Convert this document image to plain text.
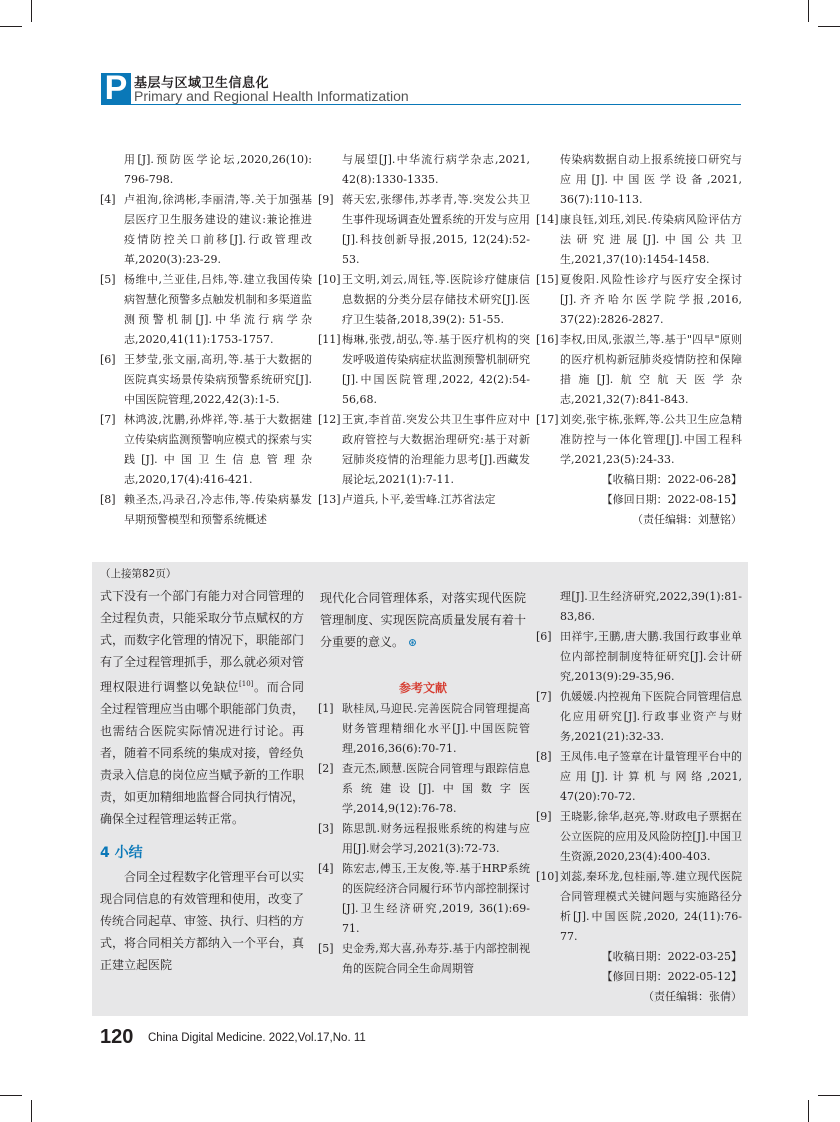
P 基层与区域卫生信息化
Primary and Regional Health Informatization
用[J].预防医学论坛,2020,26(10): 796-798.
[4] 卢祖洵,徐鸿彬,李丽清,等.关于加强基层医疗卫生服务建设的建议:兼论推进疫情防控关口前移[J].行政管理改革,2020(3):23-29.
[5] 杨维中,兰亚佳,吕炜,等.建立我国传染病智慧化预警多点触发机制和多渠道监测预警机制[J].中华流行病学杂志,2020,41(11):1753-1757.
[6] 王梦莹,张文丽,高玥,等.基于大数据的医院真实场景传染病预警系统研究[J].中国医院管理,2022,42(3):1-5.
[7] 林鸿波,沈鹏,孙烨祥,等.基于大数据建立传染病监测预警响应模式的探索与实践[J].中国卫生信息管理杂志,2020,17(4):416-421.
[8] 赖圣杰,冯录召,冷志伟,等.传染病暴发早期预警模型和预警系统概述
与展望[J].中华流行病学杂志,2021, 42(8):1330-1335.
[9] 蒋天宏,张缪伟,苏孝青,等.突发公共卫生事件现场调查处置系统的开发与应用[J].科技创新导报,2015, 12(24):52-53.
[10] 王文明,刘云,周钰,等.医院诊疗健康信息数据的分类分层存储技术研究[J].医疗卫生装备,2018,39(2): 51-55.
[11] 梅琳,张弢,胡弘,等.基于医疗机构的突发呼吸道传染病症状监测预警机制研究[J].中国医院管理,2022, 42(2):54-56,68.
[12] 王寅,李首苗.突发公共卫生事件应对中政府管控与大数据治理研究:基于对新冠肺炎疫情的治理能力思考[J].西藏发展论坛,2021(1):7-11.
[13] 卢道兵,卜平,姜雪峰.江苏省法定
传染病数据自动上报系统接口研究与应用[J].中国医学设备,2021, 36(7):110-113.
[14] 康良钰,刘珏,刘民.传染病风险评估方法研究进展[J].中国公共卫生,2021,37(10):1454-1458.
[15] 夏俊阳.风险性诊疗与医疗安全探讨[J].齐齐哈尔医学院学报,2016, 37(22):2826-2827.
[16] 李权,田凤,张淑兰,等.基于"四早"原则的医疗机构新冠肺炎疫情防控和保障措施[J].航空航天医学杂志,2021,32(7):841-843.
[17] 刘奕,张宇栋,张辉,等.公共卫生应急精准防控与一体化管理[J].中国工程科学,2021,23(5):24-33.
【收稿日期：2022-06-28】
【修回日期：2022-08-15】
（责任编辑：刘慧铭）
（上接第82页）

式下没有一个部门有能力对合同管理的全过程负责，只能采取分节点赋权的方式，而数字化管理的情况下，职能部门有了全过程管理抓手，那么就必须对管理权限进行调整以免缺位[10]。而合同全过程管理应当由哪个职能部门负责，也需结合医院实际情况进行讨论。再者，随着不同系统的集成对接，曾经负责录入信息的岗位应当赋予新的工作职责，如更加精细地监督合同执行情况，确保全过程管理运转正常。

4 小结

合同全过程数字化管理平台可以实现合同信息的有效管理和使用，改变了传统合同起草、审签、执行、归档的方式，将合同相关方都纳入一个平台，真正建立起医院

现代化合同管理体系，对落实现代医院管理制度、实现医院高质量发展有着十分重要的意义。 ⊛
参考文献
[1] 耿桂凤,马迎民.完善医院合同管理提高财务管理精细化水平[J].中国医院管理,2016,36(6):70-71.
[2] 查元杰,顾慧.医院合同管理与跟踪信息系统建设[J].中国数字医学,2014,9(12):76-78.
[3] 陈思凯.财务远程报账系统的构建与应用[J].财会学习,2021(3):72-73.
[4] 陈宏志,傅玉,王友俊,等.基于HRP系统的医院经济合同履行环节内部控制探讨[J].卫生经济研究,2019, 36(1):69-71.
[5] 史金秀,郑大喜,孙寿芬.基于内部控制视角的医院合同全生命周期管
理[J].卫生经济研究,2022,39(1):81-83,86.
[6] 田祥宇,王鹏,唐大鹏.我国行政事业单位内部控制制度特征研究[J].会计研究,2013(9):29-35,96.
[7] 仇媛媛.内控视角下医院合同管理信息化应用研究[J].行政事业资产与财务,2021(21):32-33.
[8] 王凤伟.电子签章在计量管理平台中的应用[J].计算机与网络,2021, 47(20):70-72.
[9] 王晓影,徐华,赵亮,等.财政电子票据在公立医院的应用及风险防控[J].中国卫生资源,2020,23(4):400-403.
[10] 刘蕊,秦环龙,包桂丽,等.建立现代医院合同管理模式关键问题与实施路径分析[J].中国医院,2020, 24(11):76-77.
【收稿日期：2022-03-25】
【修回日期：2022-05-12】
（责任编辑：张倩）
120 China Digital Medicine. 2022,Vol.17,No. 11
